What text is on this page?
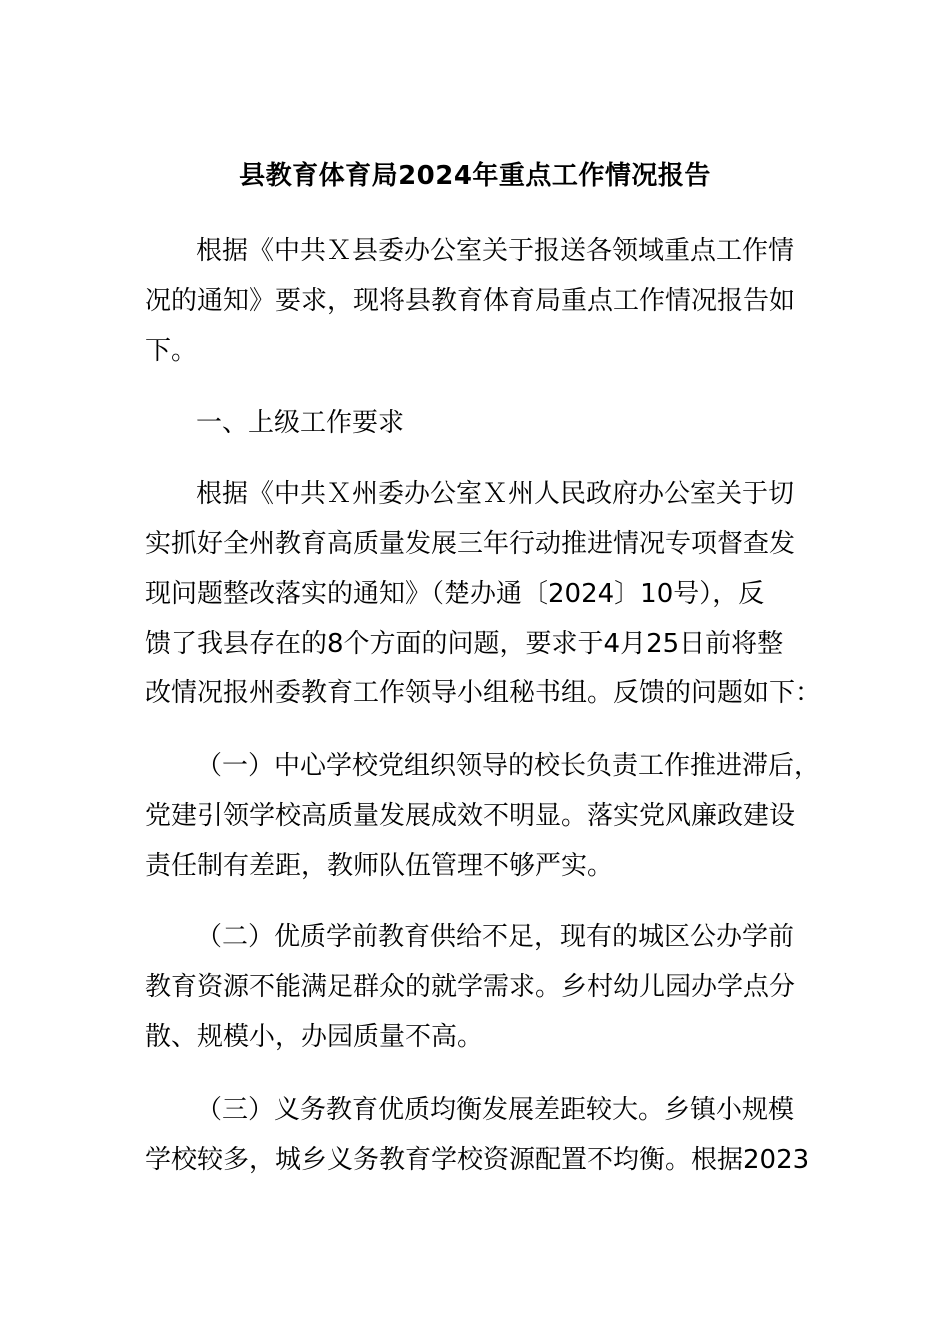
县教育体育局2024年重点工作情况报告
根据《中共Ｘ县委办公室关于报送各领域重点工作情
况的通知》要求，现将县教育体育局重点工作情况报告如
下。
一、上级工作要求
根据《中共Ｘ州委办公室Ｘ州人民政府办公室关于切
实抓好全州教育高质量发展三年行动推进情况专项督查发
现问题整改落实的通知》（楚办通〔2024〕10号），反
馈了我县存在的8个方面的问题，要求于4月25日前将整
改情况报州委教育工作领导小组秘书组。反馈的问题如下：
（一）中心学校党组织领导的校长负责工作推进滞后，
党建引领学校高质量发展成效不明显。落实党风廉政建设
责任制有差距，教师队伍管理不够严实。
（二）优质学前教育供给不足，现有的城区公办学前
教育资源不能满足群众的就学需求。乡村幼儿园办学点分
散、规模小，办园质量不高。
（三）义务教育优质均衡发展差距较大。乡镇小规模
学校较多，城乡义务教育学校资源配置不均衡。根据2023
